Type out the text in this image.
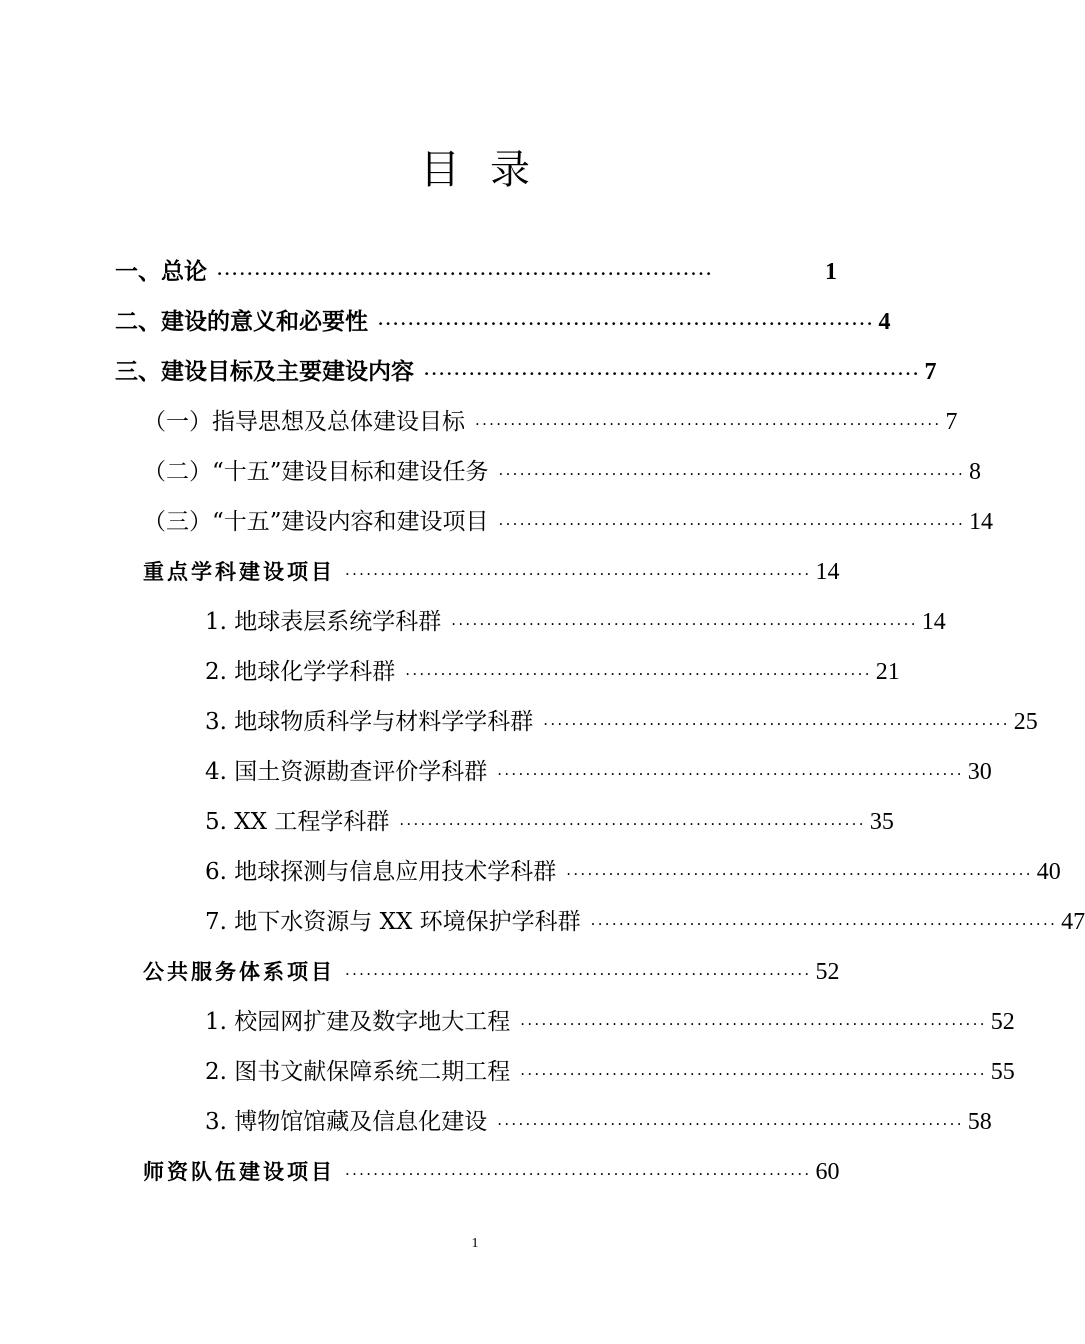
目录
一、总论 ··································································	1
二、建设的意义和必要性 ·································································· 4
三、建设目标及主要建设内容 ·································································· 7
（一）指导思想及总体建设目标 ·································································· 7
（二）“十五”建设目标和建设任务 ·································································· 8
（三）“十五”建设内容和建设项目 ·································································· 14
重点学科建设项目 ·································································· 14
1. 地球表层系统学科群 ·································································· 14
2. 地球化学学科群 ·································································· 21
3. 地球物质科学与材料学学科群 ·································································· 25
4. 国土资源勘查评价学科群 ·································································· 30
5. XX 工程学科群 ·································································· 35
6. 地球探测与信息应用技术学科群 ·································································· 40
7. 地下水资源与 XX 环境保护学科群 ·································································· 47
公共服务体系项目 ·································································· 52
1. 校园网扩建及数字地大工程 ·································································· 52
2. 图书文献保障系统二期工程 ·································································· 55
3. 博物馆馆藏及信息化建设 ·································································· 58
师资队伍建设项目 ·································································· 60
1
